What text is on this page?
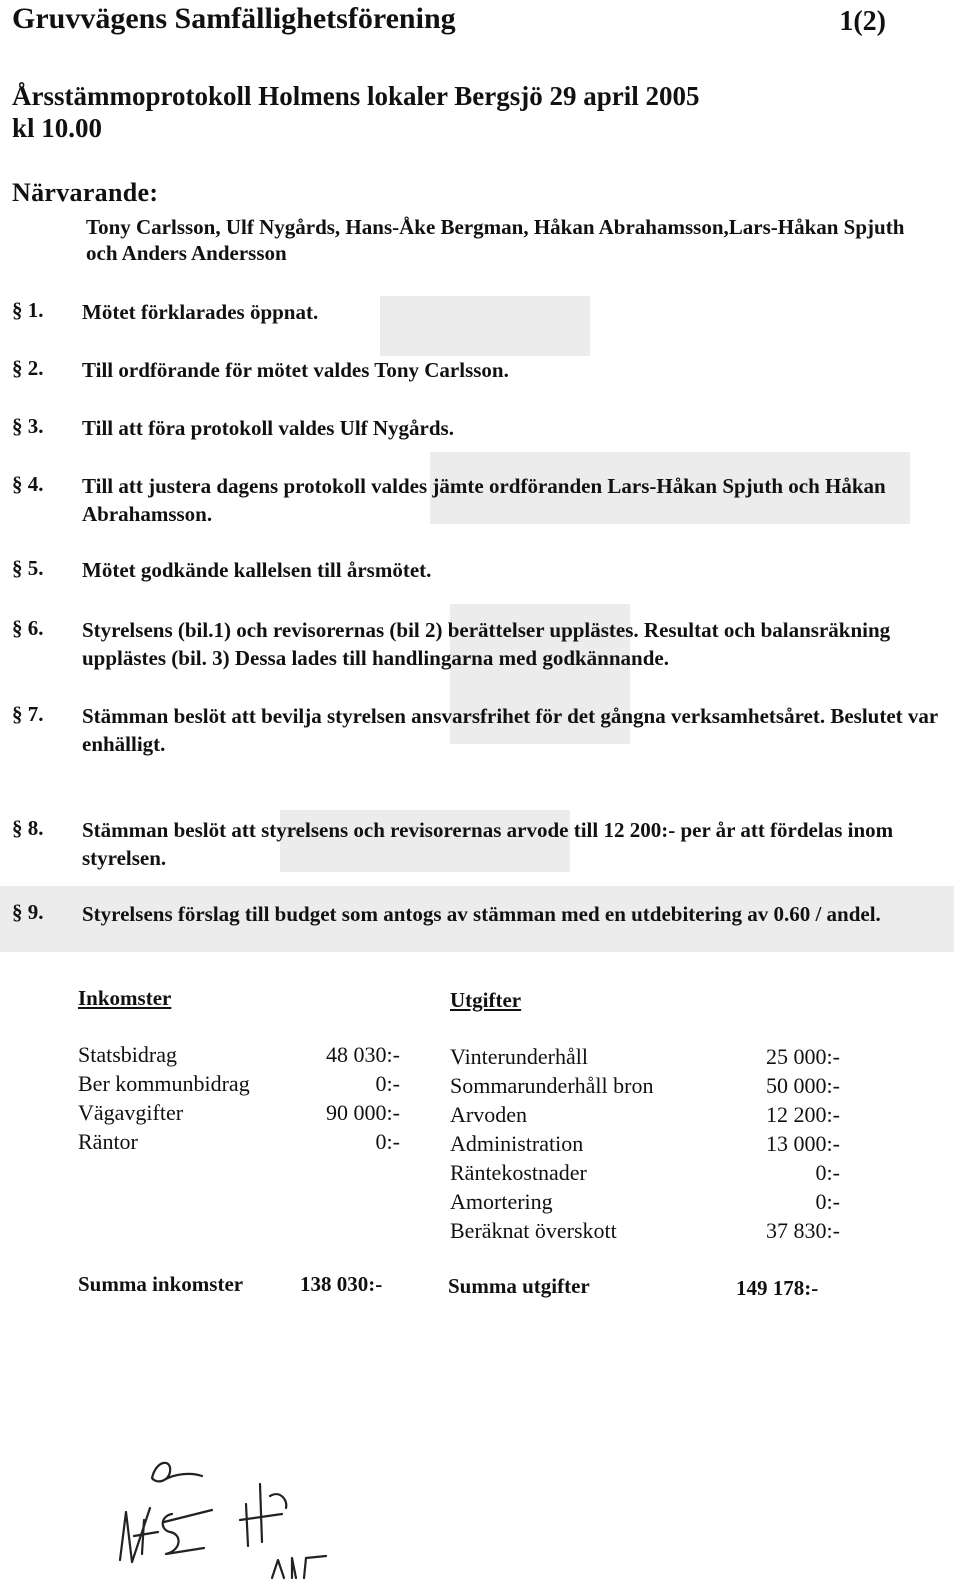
Gruvvägens Samfällighetsförening	1(2)
Årsstämmoprotokoll Holmens lokaler Bergsjö 29 april 2005
kl 10.00
Närvarande:
Tony Carlsson, Ulf Nygårds, Hans-Åke Bergman, Håkan Abrahamsson,Lars-Håkan Spjuth och Anders Andersson
§ 1.	Mötet förklarades öppnat.
§ 2.	Till ordförande för mötet valdes Tony Carlsson.
§ 3.	Till att föra protokoll valdes Ulf Nygårds.
§ 4.	Till att justera dagens protokoll valdes jämte ordföranden Lars-Håkan Spjuth och Håkan Abrahamsson.
§ 5.	Mötet godkände kallelsen till årsmötet.
§ 6.	Styrelsens (bil.1) och revisorernas (bil 2) berättelser upplästes. Resultat och balansräkning upplästes (bil. 3) Dessa lades till handlingarna med godkännande.
§ 7.	Stämman beslöt att bevilja styrelsen ansvarsfrihet för det gångna verksamhetsåret. Beslutet var enhälligt.
§ 8.	Stämman beslöt att styrelsens och revisorernas arvode till 12 200:- per år att fördelas inom styrelsen.
§ 9.	Styrelsens förslag till budget som antogs av stämman med en utdebitering av 0.60 / andel.
Inkomster	Utgifter
Statsbidrag	48 030:-
Ber kommunbidrag	0:-
Vägavgifter	90 000:-
Räntor	0:-
Vinterunderhåll	25 000:-
Sommarunderhåll bron	50 000:-
Arvoden	12 200:-
Administration	13 000:-
Räntekostnader	0:-
Amortering	0:-
Beräknat överskott	37 830:-
Summa inkomster	138 030:-	Summa utgifter	149 178:-
